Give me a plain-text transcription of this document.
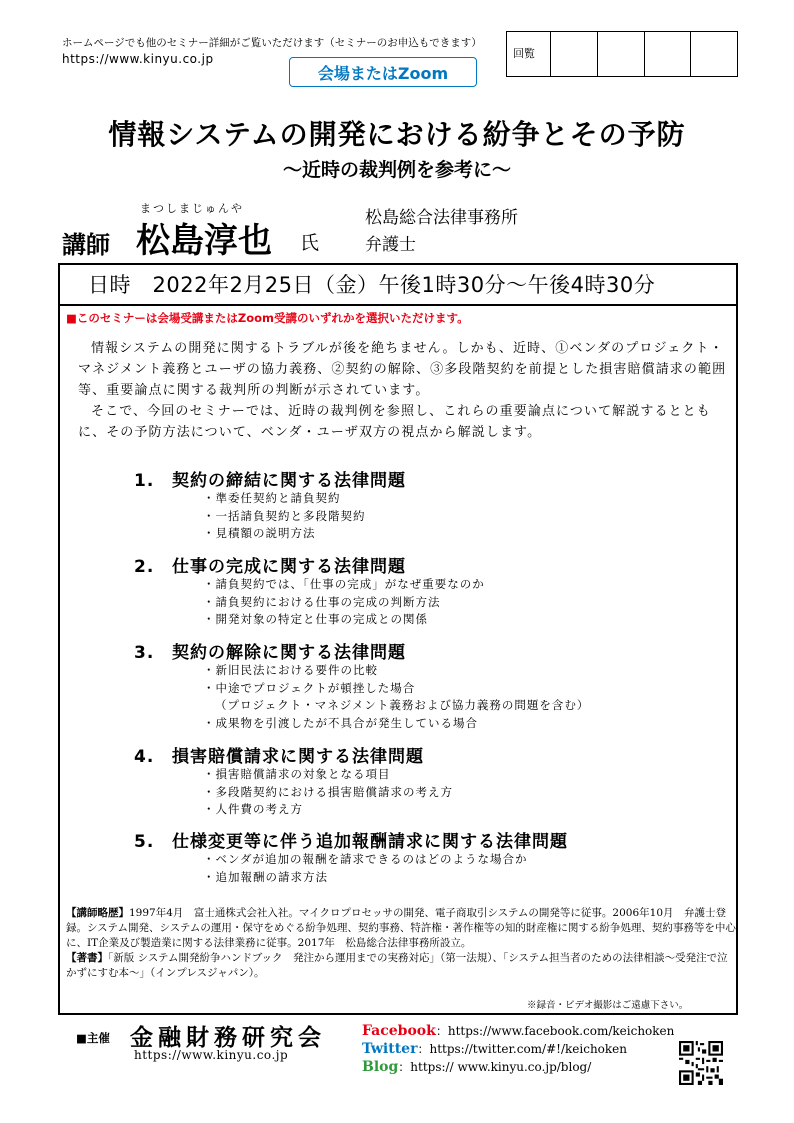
ホームページでも他のセミナー詳細がご覧いただけます（セミナーのお申込もできます）
https://www.kinyu.co.jp
会場またはZoom
回覧
情報システムの開発における紛争とその予防
～近時の裁判例を参考に～
講師
まつしまじゅんや
松島淳也 氏
松島総合法律事務所
弁護士
日時　2022年2月25日（金）午後1時30分～午後4時30分
■このセミナーは会場受講またはZoom受講のいずれかを選択いただけます。

情報システムの開発に関するトラブルが後を絶ちません。しかも、近時、①ベンダのプロジェクト・マネジメント義務とユーザの協力義務、②契約の解除、③多段階契約を前提とした損害賠償請求の範囲等、重要論点に関する裁判所の判断が示されています。

そこで、今回のセミナーでは、近時の裁判例を参照し、これらの重要論点について解説するとともに、その予防方法について、ベンダ・ユーザ双方の視点から解説します。

1. 契約の締結に関する法律問題
・準委任契約と請負契約
・一括請負契約と多段階契約
・見積額の説明方法
2. 仕事の完成に関する法律問題
・請負契約では、「仕事の完成」がなぜ重要なのか
・請負契約における仕事の完成の判断方法
・開発対象の特定と仕事の完成との関係
3. 契約の解除に関する法律問題
・新旧民法における要件の比較
・中途でプロジェクトが頓挫した場合
（プロジェクト・マネジメント義務および協力義務の問題を含む）
・成果物を引渡したが不具合が発生している場合
4. 損害賠償請求に関する法律問題
・損害賠償請求の対象となる項目
・多段階契約における損害賠償請求の考え方
・人件費の考え方
5. 仕様変更等に伴う追加報酬請求に関する法律問題
・ベンダが追加の報酬を請求できるのはどのような場合か
・追加報酬の請求方法
【講師略歴】1997年4月　富士通株式会社入社。マイクロプロセッサの開発、電子商取引システムの開発等に従事。2006年10月　弁護士登録。システム開発、システムの運用・保守をめぐる紛争処理、契約事務、特許権・著作権等の知的財産権に関する紛争処理、契約事務等を中心に、IT企業及び製造業に関する法律業務に従事。2017年　松島総合法律事務所設立。
【著書】「新版 システム開発紛争ハンドブック　発注から運用までの実務対応」（第一法規）、「システム担当者のための法律相談～受発注で泣かずにすむ本～」（インプレスジャパン）。
※録音・ビデオ撮影はご遠慮下さい。
■主催 金融財務研究会
https://www.kinyu.co.jp
Facebook：https://www.facebook.com/keichoken
Twitter：https://twitter.com/#!/keichoken
Blog：https:// www.kinyu.co.jp/blog/
